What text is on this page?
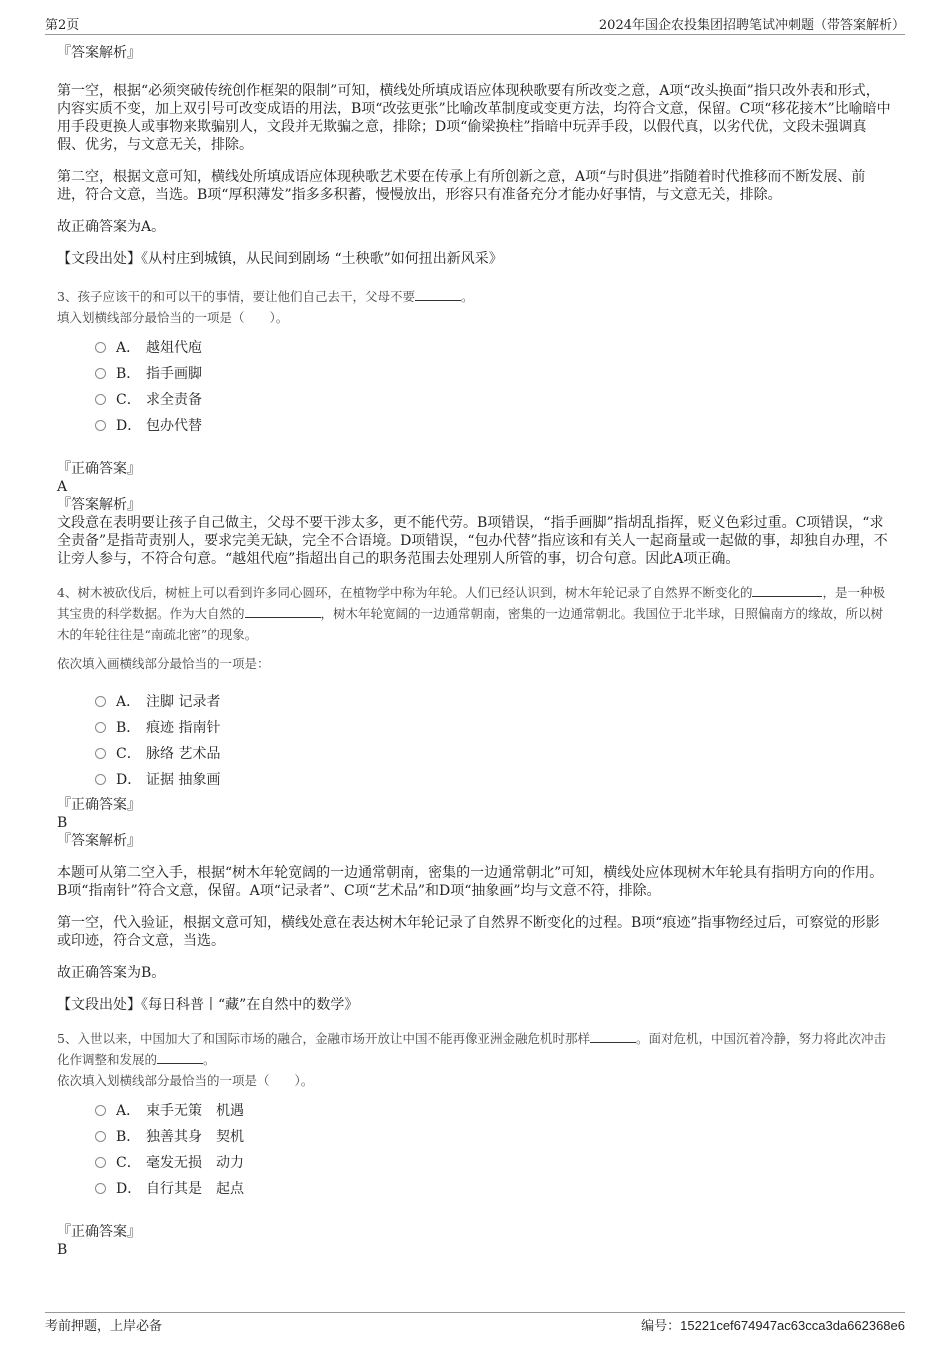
第2页	2024年国企农投集团招聘笔试冲刺题（带答案解析）

『答案解析』

第一空，根据“必须突破传统创作框架的限制”可知，横线处所填成语应体现秧歌要有所改变之意，A项“改头换面”指只改外表和形式，内容实质不变，加上双引号可改变成语的用法，B项“改弦更张”比喻改革制度或变更方法，均符合文意，保留。C项“移花接木”比喻暗中用手段更换人或事物来欺骗别人，文段并无欺骗之意，排除；D项“偷梁换柱”指暗中玩弄手段，以假代真，以劣代优，文段未强调真假、优劣，与文意无关，排除。

第二空，根据文意可知，横线处所填成语应体现秧歌艺术要在传承上有所创新之意，A项“与时俱进”指随着时代推移而不断发展、前进，符合文意，当选。B项“厚积薄发”指多多积蓄，慢慢放出，形容只有准备充分才能办好事情，与文意无关，排除。

故正确答案为A。

【文段出处】《从村庄到城镇，从民间到剧场 “土秧歌”如何扭出新风采》

3、孩子应该干的和可以干的事情，要让他们自己去干，父母不要	。

填入划横线部分最恰当的一项是（　　）。

A． 越俎代庖
B． 指手画脚
C． 求全责备
D． 包办代替

『正确答案』

A

『答案解析』

文段意在表明要让孩子自己做主，父母不要干涉太多，更不能代劳。B项错误，“指手画脚”指胡乱指挥，贬义色彩过重。C项错误，“求全责备”是指苛责别人，要求完美无缺，完全不合语境。D项错误，“包办代替”指应该和有关人一起商量或一起做的事，却独自办理，不让旁人参与，不符合句意。“越俎代庖”指超出自己的职务范围去处理别人所管的事，切合句意。因此A项正确。

4、树木被砍伐后，树桩上可以看到许多同心圆环，在植物学中称为年轮。人们已经认识到，树木年轮记录了自然界不断变化的	，是一种极其宝贵的科学数据。作为大自然的	，树木年轮宽阔的一边通常朝南，密集的一边通常朝北。我国位于北半球，日照偏南方的缘故，所以树木的年轮往往是“南疏北密”的现象。

依次填入画横线部分最恰当的一项是：

A． 注脚 记录者
B． 痕迹 指南针
C． 脉络 艺术品
D． 证据 抽象画

『正确答案』

B

『答案解析』

本题可从第二空入手，根据“树木年轮宽阔的一边通常朝南，密集的一边通常朝北”可知，横线处应体现树木年轮具有指明方向的作用。B项“指南针”符合文意，保留。A项“记录者”、C项“艺术品”和D项“抽象画”均与文意不符，排除。

第一空，代入验证，根据文意可知，横线处意在表达树木年轮记录了自然界不断变化的过程。B项“痕迹”指事物经过后，可察觉的形影或印迹，符合文意，当选。

故正确答案为B。

【文段出处】《每日科普丨“藏”在自然中的数学》

5、入世以来，中国加大了和国际市场的融合，金融市场开放让中国不能再像亚洲金融危机时那样	。面对危机，中国沉着冷静，努力将此次冲击化作调整和发展的	。

依次填入划横线部分最恰当的一项是（　　）。

A． 束手无策　机遇
B． 独善其身　契机
C． 毫发无损　动力
D． 自行其是　起点

『正确答案』

B

考前押题，上岸必备	编号：15221cef674947ac63cca3da662368e6
